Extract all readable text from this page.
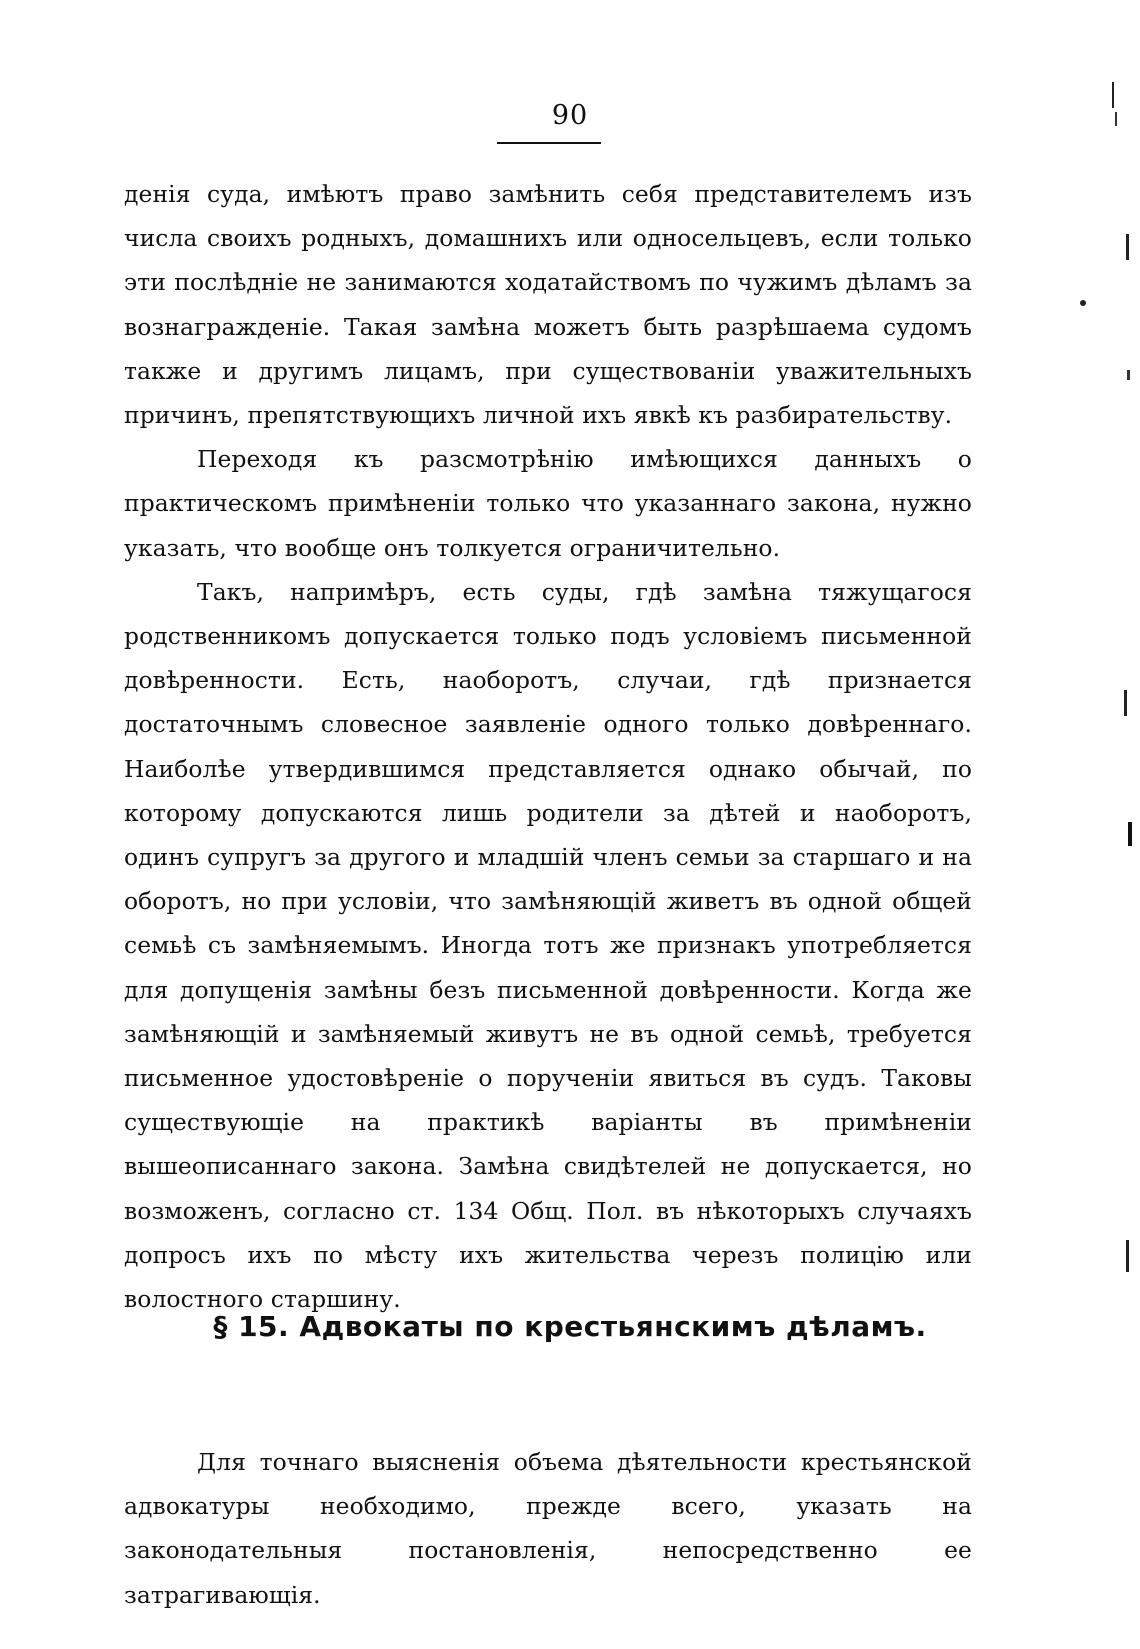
90

денія суда, имѣютъ право замѣнить себя представителемъ изъ числа своихъ родныхъ, домашнихъ или односельцевъ, если только эти послѣдніе не занимаются ходатайствомъ по чужимъ дѣламъ за вознагражденіе. Такая замѣна можетъ быть разрѣшаема судомъ также и другимъ лицамъ, при существованіи уважительныхъ причинъ, препятствующихъ личной ихъ явкѣ къ разбирательству.

Переходя къ разсмотрѣнію имѣющихся данныхъ о практическомъ примѣненіи только что указаннаго закона, нужно указать, что вообще онъ толкуется ограничительно.

Такъ, напримѣръ, есть суды, гдѣ замѣна тяжущагося родственникомъ допускается только подъ условіемъ письменной довѣренности. Есть, наоборотъ, случаи, гдѣ признается достаточнымъ словесное заявленіе одного только довѣреннаго. Наиболѣе утвердившимся представляется однако обычай, по которому допускаются лишь родители за дѣтей и наоборотъ, одинъ супругъ за другого и младшій членъ семьи за старшаго и на оборотъ, но при условіи, что замѣняющій живетъ въ одной общей семьѣ съ замѣняемымъ. Иногда тотъ же признакъ употребляется для допущенія замѣны безъ письменной довѣренности. Когда же замѣняющій и замѣняемый живутъ не въ одной семьѣ, требуется письменное удостовѣреніе о порученіи явиться въ судъ. Таковы существующіе на практикѣ варіанты въ примѣненіи вышеописаннаго закона. Замѣна свидѣтелей не допускается, но возможенъ, согласно ст. 134 Общ. Пол. въ нѣкоторыхъ случаяхъ допросъ ихъ по мѣсту ихъ жительства черезъ полицію или волостного старшину.

§ 15. Адвокаты по крестьянскимъ дѣламъ.

Для точнаго выясненія объема дѣятельности крестьянской адвокатуры необходимо, прежде всего, указать на законодательныя постановленія, непосредственно ее затрагивающія.
